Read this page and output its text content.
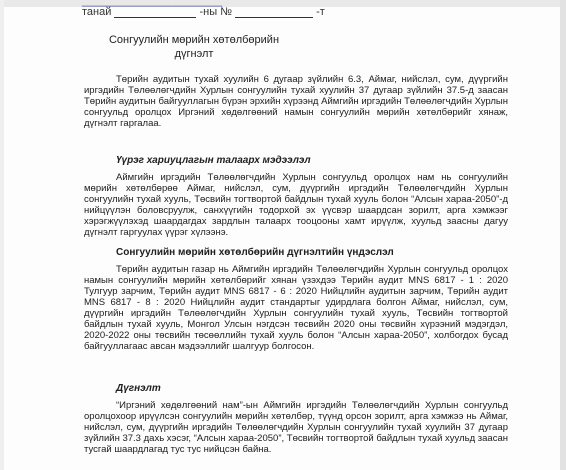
_____________________
танай	-ны №	-т
Сонгуулийн мөрийн хөтөлбөрийн
дүгнэлт

Төрийн аудитын тухай хуулийн 6 дугаар зүйлийн 6.3, Аймаг, нийслэл, сум, дүүргийн иргэдийн Төлөөлөгчдийн Хурлын сонгуулийн тухай хуулийн 37 дугаар зүйлийн 37.5-д заасан Төрийн аудитын байгууллагын бүрэн эрхийн хүрээнд Аймгийн иргэдийн Төлөөлөгчдийн Хурлын сонгуульд оролцох Иргэний хөдөлгөөний намын сонгуулийн мөрийн хөтөлбөрийг хянаж, дүгнэлт гаргалаа.

Үүрэг хариуцлагын талаарх мэдээлэл

Аймгийн иргэдийн Төлөөлөгчдийн Хурлын сонгуульд оролцох нам нь сонгуулийн мөрийн хөтөлбөрөө Аймаг, нийслэл, сум, дүүргийн иргэдийн Төлөөлөгчдийн Хурлын сонгуулийн тухай хууль, Төсвийн тогтвортой байдлын тухай хууль болон “Алсын хараа-2050”-д нийцүүлэн боловсруулж, санхүүгийн тодорхой эх үүсвэр шаардсан зорилт, арга хэмжээг хэрэгжүүлэхэд шаардагдах зардлын талаарх тооцооны хамт ирүүлж, хуульд заасны дагуу дүгнэлт гаргуулах үүрэг хүлээнэ.

Сонгуулийн мөрийн хөтөлбөрийн дүгнэлтийн үндэслэл

Төрийн аудитын газар нь Аймгийн иргэдийн Төлөөлөгчдийн Хурлын сонгуульд оролцох намын сонгуулийн мөрийн хөтөлбөрийг хянан үзэхдээ Төрийн аудит MNS 6817 - 1 : 2020 Тулгуур зарчим, Төрийн аудит MNS 6817 - 6 : 2020 Нийцлийн аудитын зарчим, Төрийн аудит MNS 6817 - 8 : 2020 Нийцлийн аудит стандартыг удирдлага болгон Аймаг, нийслэл, сум, дүүргийн иргэдийн Төлөөлөгчдийн Хурлын сонгуулийн тухай хууль, Төсвийн тогтвортой байдлын тухай хууль, Монгол Улсын нэгдсэн төсвийн 2020 оны төсвийн хүрээний мэдэгдэл, 2020-2022 оны төсвийн төсөөллийн тухай хууль болон “Алсын хараа-2050”, холбогдох бусад байгууллагаас авсан мэдээллийг шалгуур болгосон.

Дүгнэлт

“Иргэний хөдөлгөөний нам”-ын Аймгийн иргэдийн Төлөөлөгчдийн Хурлын сонгуульд оролцохоор ирүүлсэн сонгуулийн мөрийн хөтөлбөр, түүнд орсон зорилт, арга хэмжээ нь Аймаг, нийслэл, сум, дүүргийн иргэдийн Төлөөлөгчдийн Хурлын сонгуулийн тухай хуулийн 37 дугаар зүйлийн 37.3 дахь хэсэг, “Алсын хараа-2050”, Төсвийн тогтвортой байдлын тухай хуульд заасан тусгай шаардлагад тус тус нийцсэн байна.
